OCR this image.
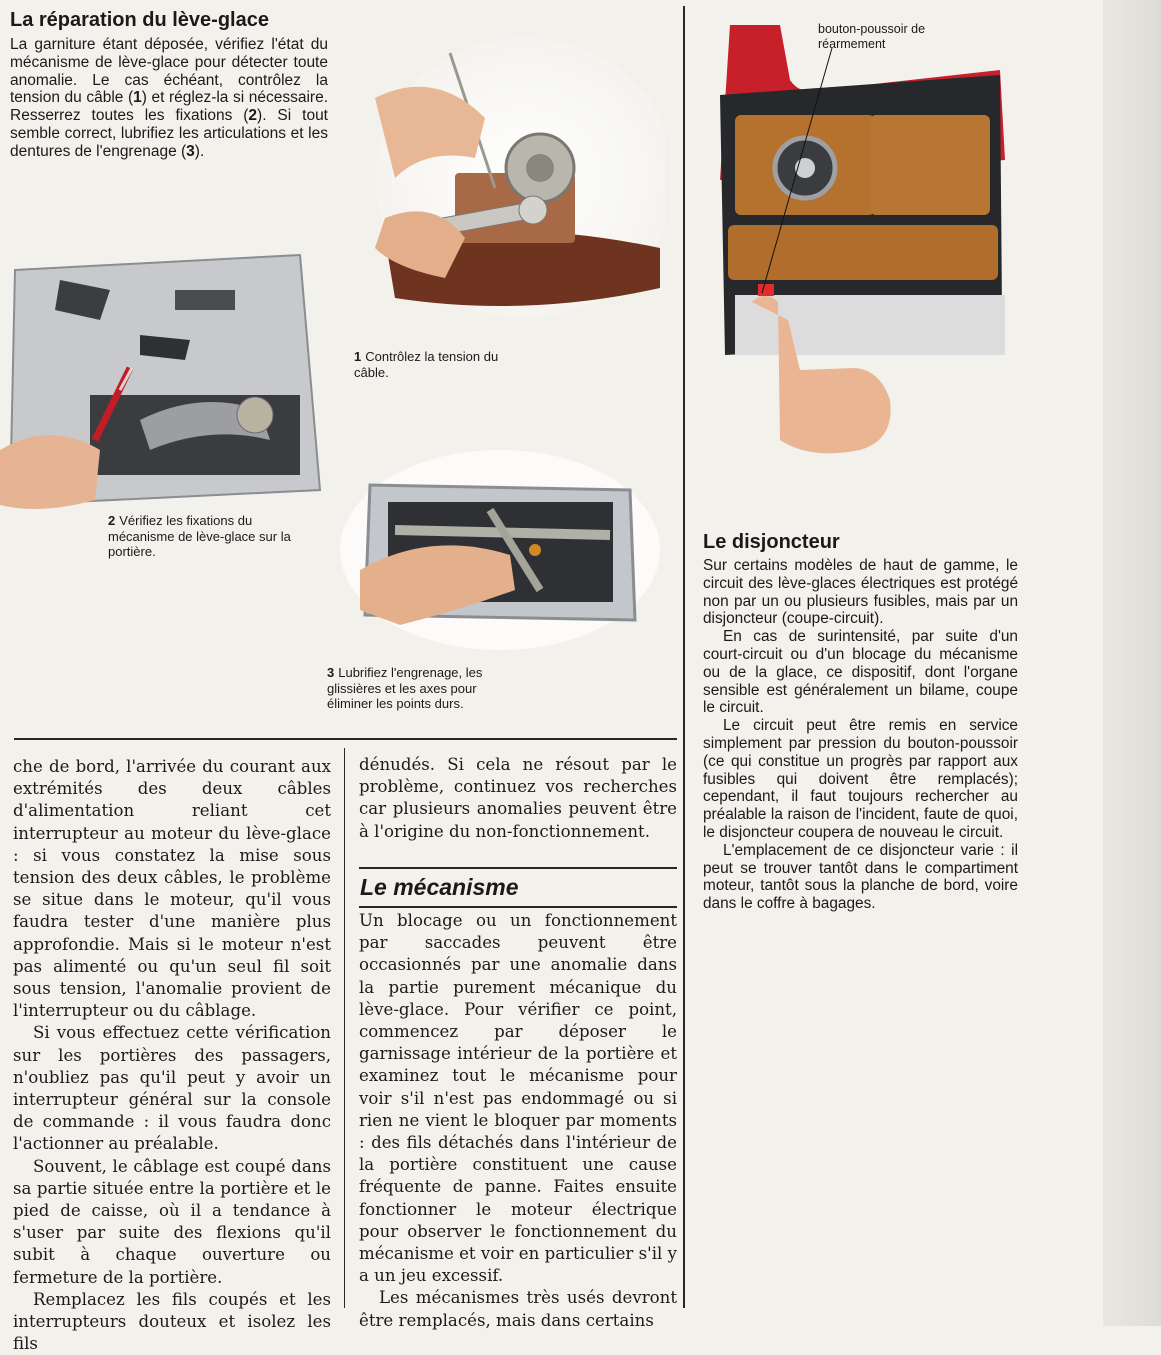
La réparation du lève-glace

La garniture étant déposée, vérifiez l'état du mécanisme de lève-glace pour détecter toute anomalie. Le cas échéant, contrôlez la tension du câble (1) et réglez-la si nécessaire. Resserrez toutes les fixations (2). Si tout semble correct, lubrifiez les articulations et les dentures de l'engrenage (3).

1 Contrôlez la tension du câble.

2 Vérifiez les fixations du mécanisme de lève-glace sur la portière.

3 Lubrifiez l'engrenage, les glissières et les axes pour éliminer les points durs.

bouton-poussoir de réarmement
Le disjoncteur

Sur certains modèles de haut de gamme, le circuit des lève-glaces électriques est protégé non par un ou plusieurs fusibles, mais par un disjoncteur (coupe-circuit).

En cas de surintensité, par suite d'un court-circuit ou d'un blocage du mécanisme ou de la glace, ce dispositif, dont l'organe sensible est généralement un bilame, coupe le circuit.

Le circuit peut être remis en service simplement par pression du bouton-poussoir (ce qui constitue un progrès par rapport aux fusibles qui doivent être remplacés); cependant, il faut toujours rechercher au préalable la raison de l'incident, faute de quoi, le disjoncteur coupera de nouveau le circuit.

L'emplacement de ce disjoncteur varie : il peut se trouver tantôt dans le compartiment moteur, tantôt sous la planche de bord, voire dans le coffre à bagages.

che de bord, l'arrivée du courant aux extrémités des deux câbles d'alimentation reliant cet interrupteur au moteur du lève-glace : si vous constatez la mise sous tension des deux câbles, le problème se situe dans le moteur, qu'il vous faudra tester d'une manière plus approfondie. Mais si le moteur n'est pas alimenté ou qu'un seul fil soit sous tension, l'anomalie provient de l'interrupteur ou du câblage.

Si vous effectuez cette vérification sur les portières des passagers, n'oubliez pas qu'il peut y avoir un interrupteur général sur la console de commande : il vous faudra donc l'actionner au préalable.

Souvent, le câblage est coupé dans sa partie située entre la portière et le pied de caisse, où il a tendance à s'user par suite des flexions qu'il subit à chaque ouverture ou fermeture de la portière.

Remplacez les fils coupés et les interrupteurs douteux et isolez les fils

dénudés. Si cela ne résout par le problème, continuez vos recherches car plusieurs anomalies peuvent être à l'origine du non-fonctionnement.

Le mécanisme

Un blocage ou un fonctionnement par saccades peuvent être occasionnés par une anomalie dans la partie purement mécanique du lève-glace. Pour vérifier ce point, commencez par déposer le garnissage intérieur de la portière et examinez tout le mécanisme pour voir s'il n'est pas endommagé ou si rien ne vient le bloquer par moments : des fils détachés dans l'intérieur de la portière constituent une cause fréquente de panne. Faites ensuite fonctionner le moteur électrique pour observer le fonctionnement du mécanisme et voir en particulier s'il y a un jeu excessif.

Les mécanismes très usés devront être remplacés, mais dans certains
